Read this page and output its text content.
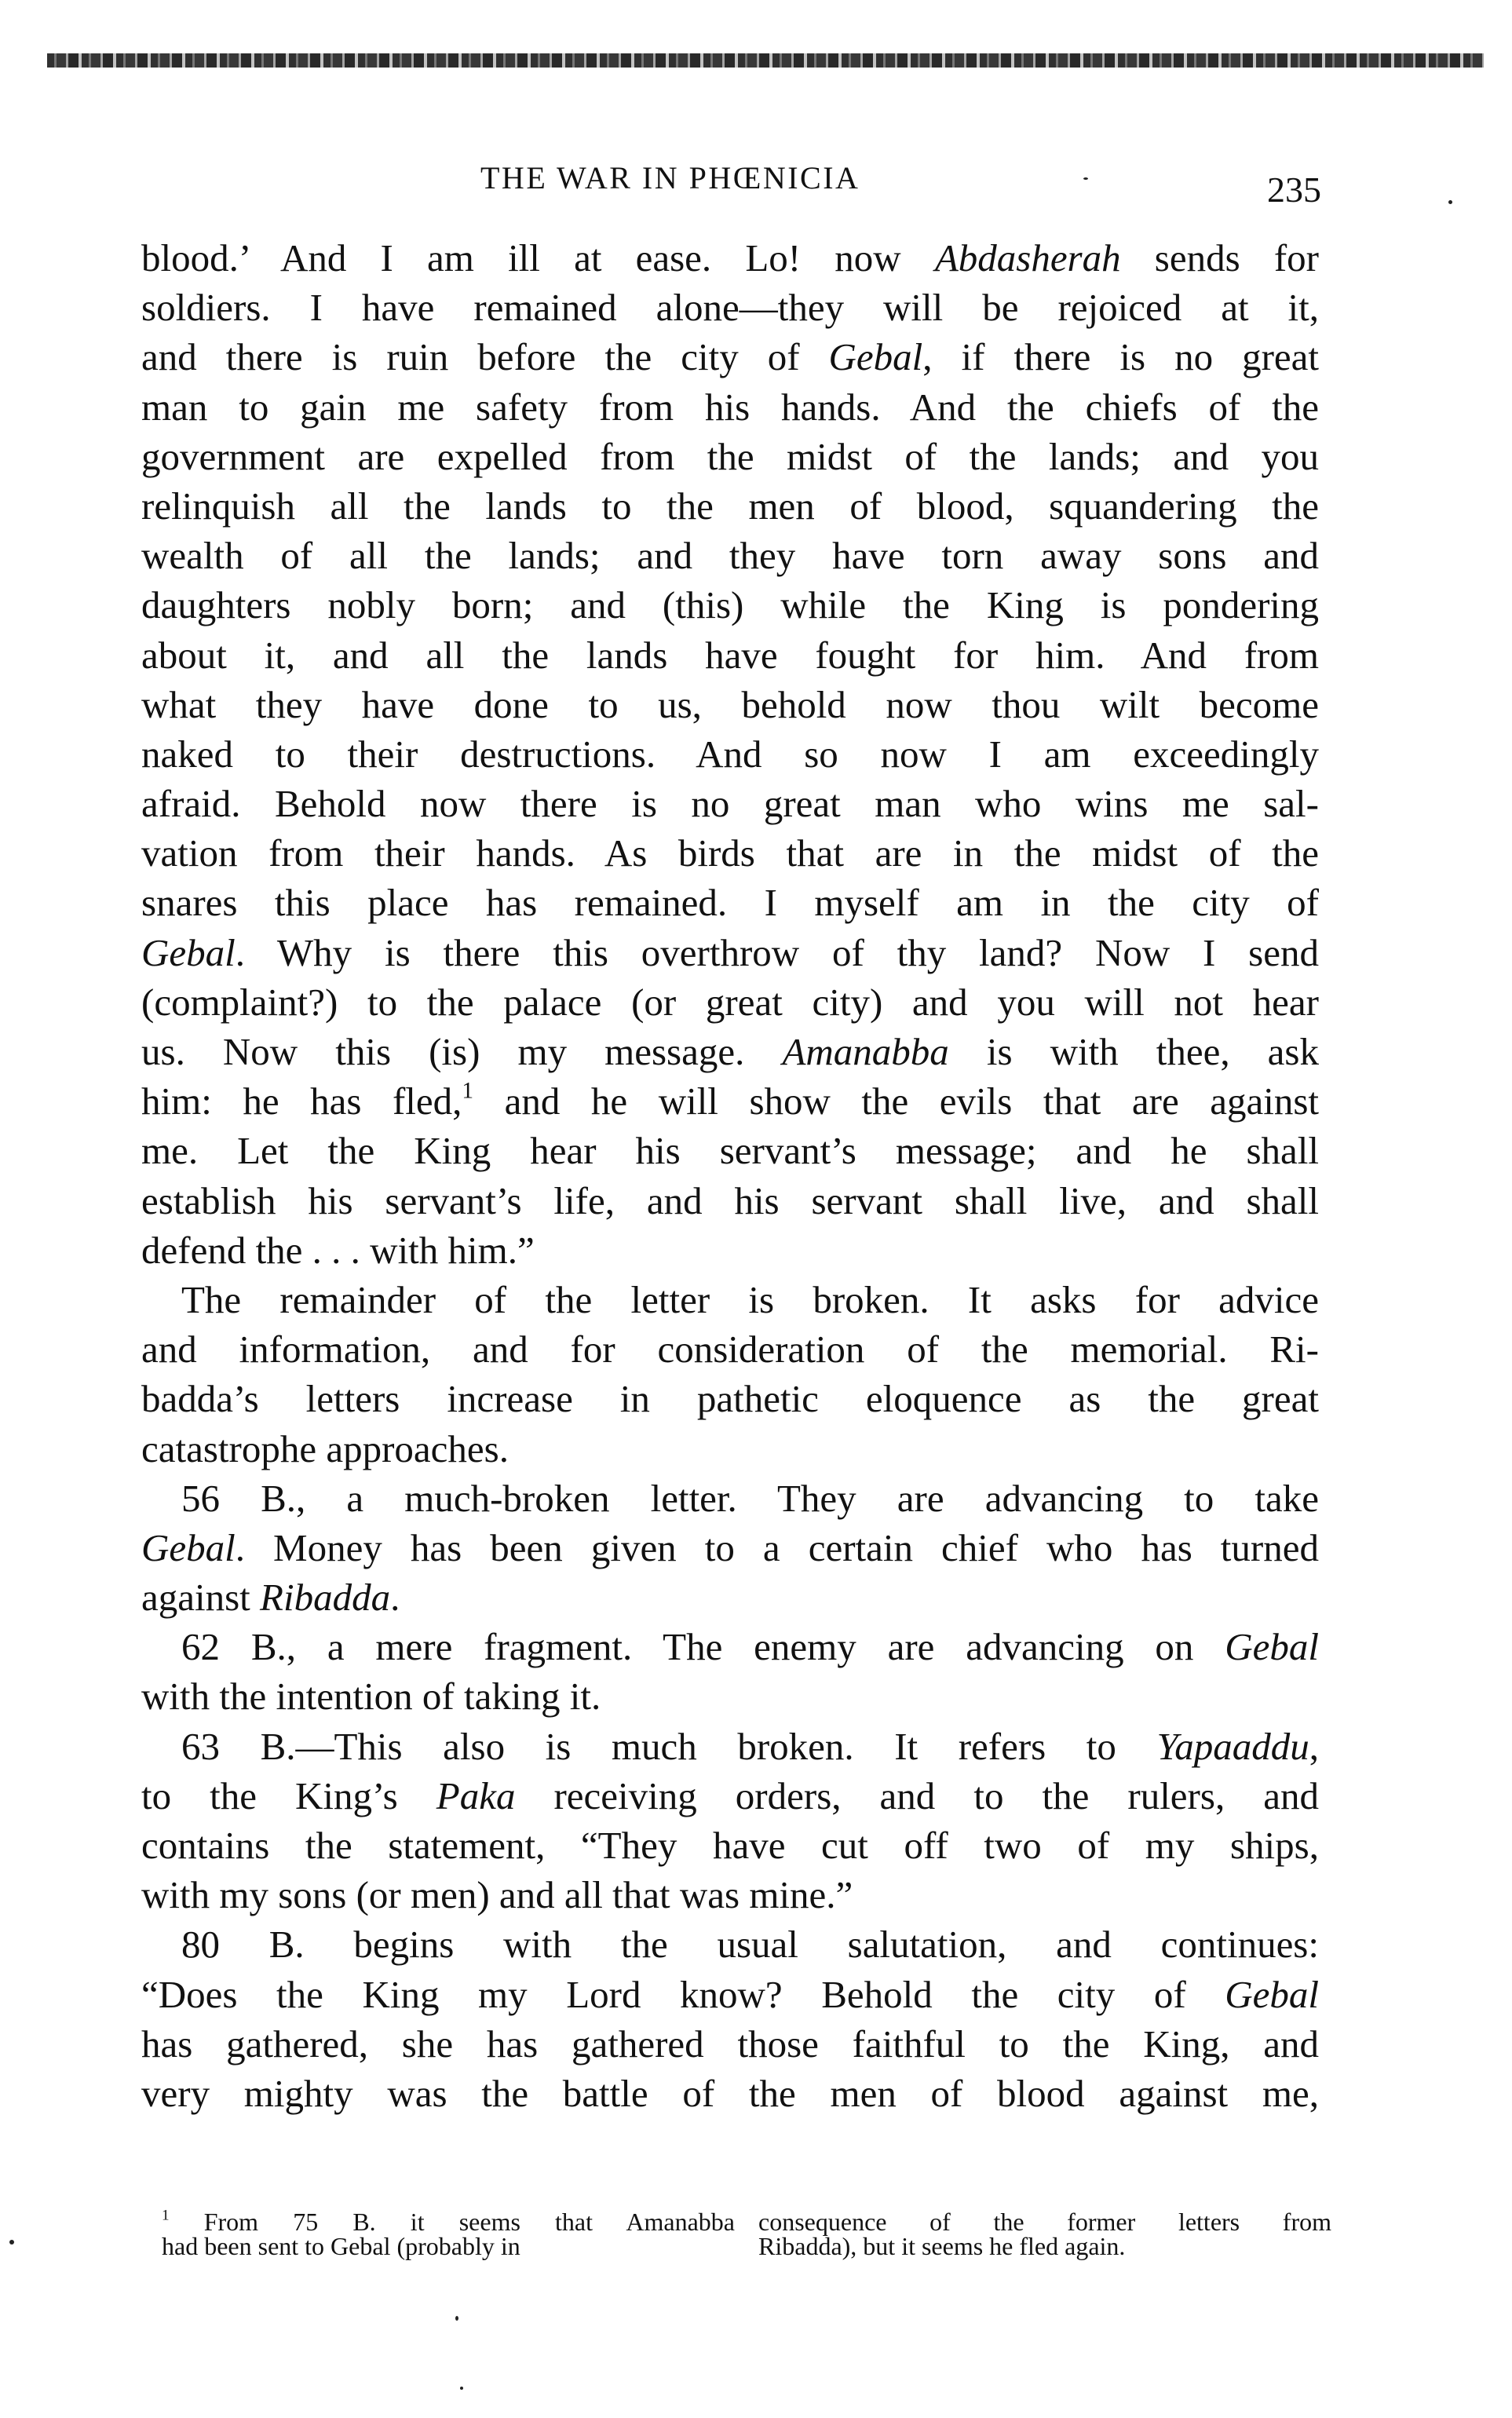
THE WAR IN PHŒNICIA	235

blood.’ And I am ill at ease. Lo! now Abdasherah sends for
soldiers. I have remained alone—they will be rejoiced at it,
and there is ruin before the city of Gebal, if there is no great
man to gain me safety from his hands. And the chiefs of the
government are expelled from the midst of the lands; and you
relinquish all the lands to the men of blood, squandering the
wealth of all the lands; and they have torn away sons and
daughters nobly born; and (this) while the King is pondering
about it, and all the lands have fought for him. And from
what they have done to us, behold now thou wilt become
naked to their destructions. And so now I am exceedingly
afraid. Behold now there is no great man who wins me sal-
vation from their hands. As birds that are in the midst of the
snares this place has remained. I myself am in the city of
Gebal. Why is there this overthrow of thy land? Now I send
(complaint?) to the palace (or great city) and you will not hear
us. Now this (is) my message. Amanabba is with thee, ask
him: he has fled,$^1$ and he will show the evils that are against
me. Let the King hear his servant’s message; and he shall
establish his servant’s life, and his servant shall live, and shall
defend the . . . with him.”

The remainder of the letter is broken. It asks for advice
and information, and for consideration of the memorial. Ri-
badda’s letters increase in pathetic eloquence as the great
catastrophe approaches.

56 B., a much-broken letter. They are advancing to take
Gebal. Money has been given to a certain chief who has turned
against Ribadda.

62 B., a mere fragment. The enemy are advancing on Gebal
with the intention of taking it.

63 B.—This also is much broken. It refers to Yapaaddu,
to the King’s Paka receiving orders, and to the rulers, and
contains the statement, “They have cut off two of my ships,
with my sons (or men) and all that was mine.”

80 B. begins with the usual salutation, and continues:
“Does the King my Lord know? Behold the city of Gebal
has gathered, she has gathered those faithful to the King, and
very mighty was the battle of the men of blood against me,

$^1$ From 75 B. it seems that Amanabba
had been sent to Gebal (probably in
consequence of the former letters from
Ribadda), but it seems he fled again.
